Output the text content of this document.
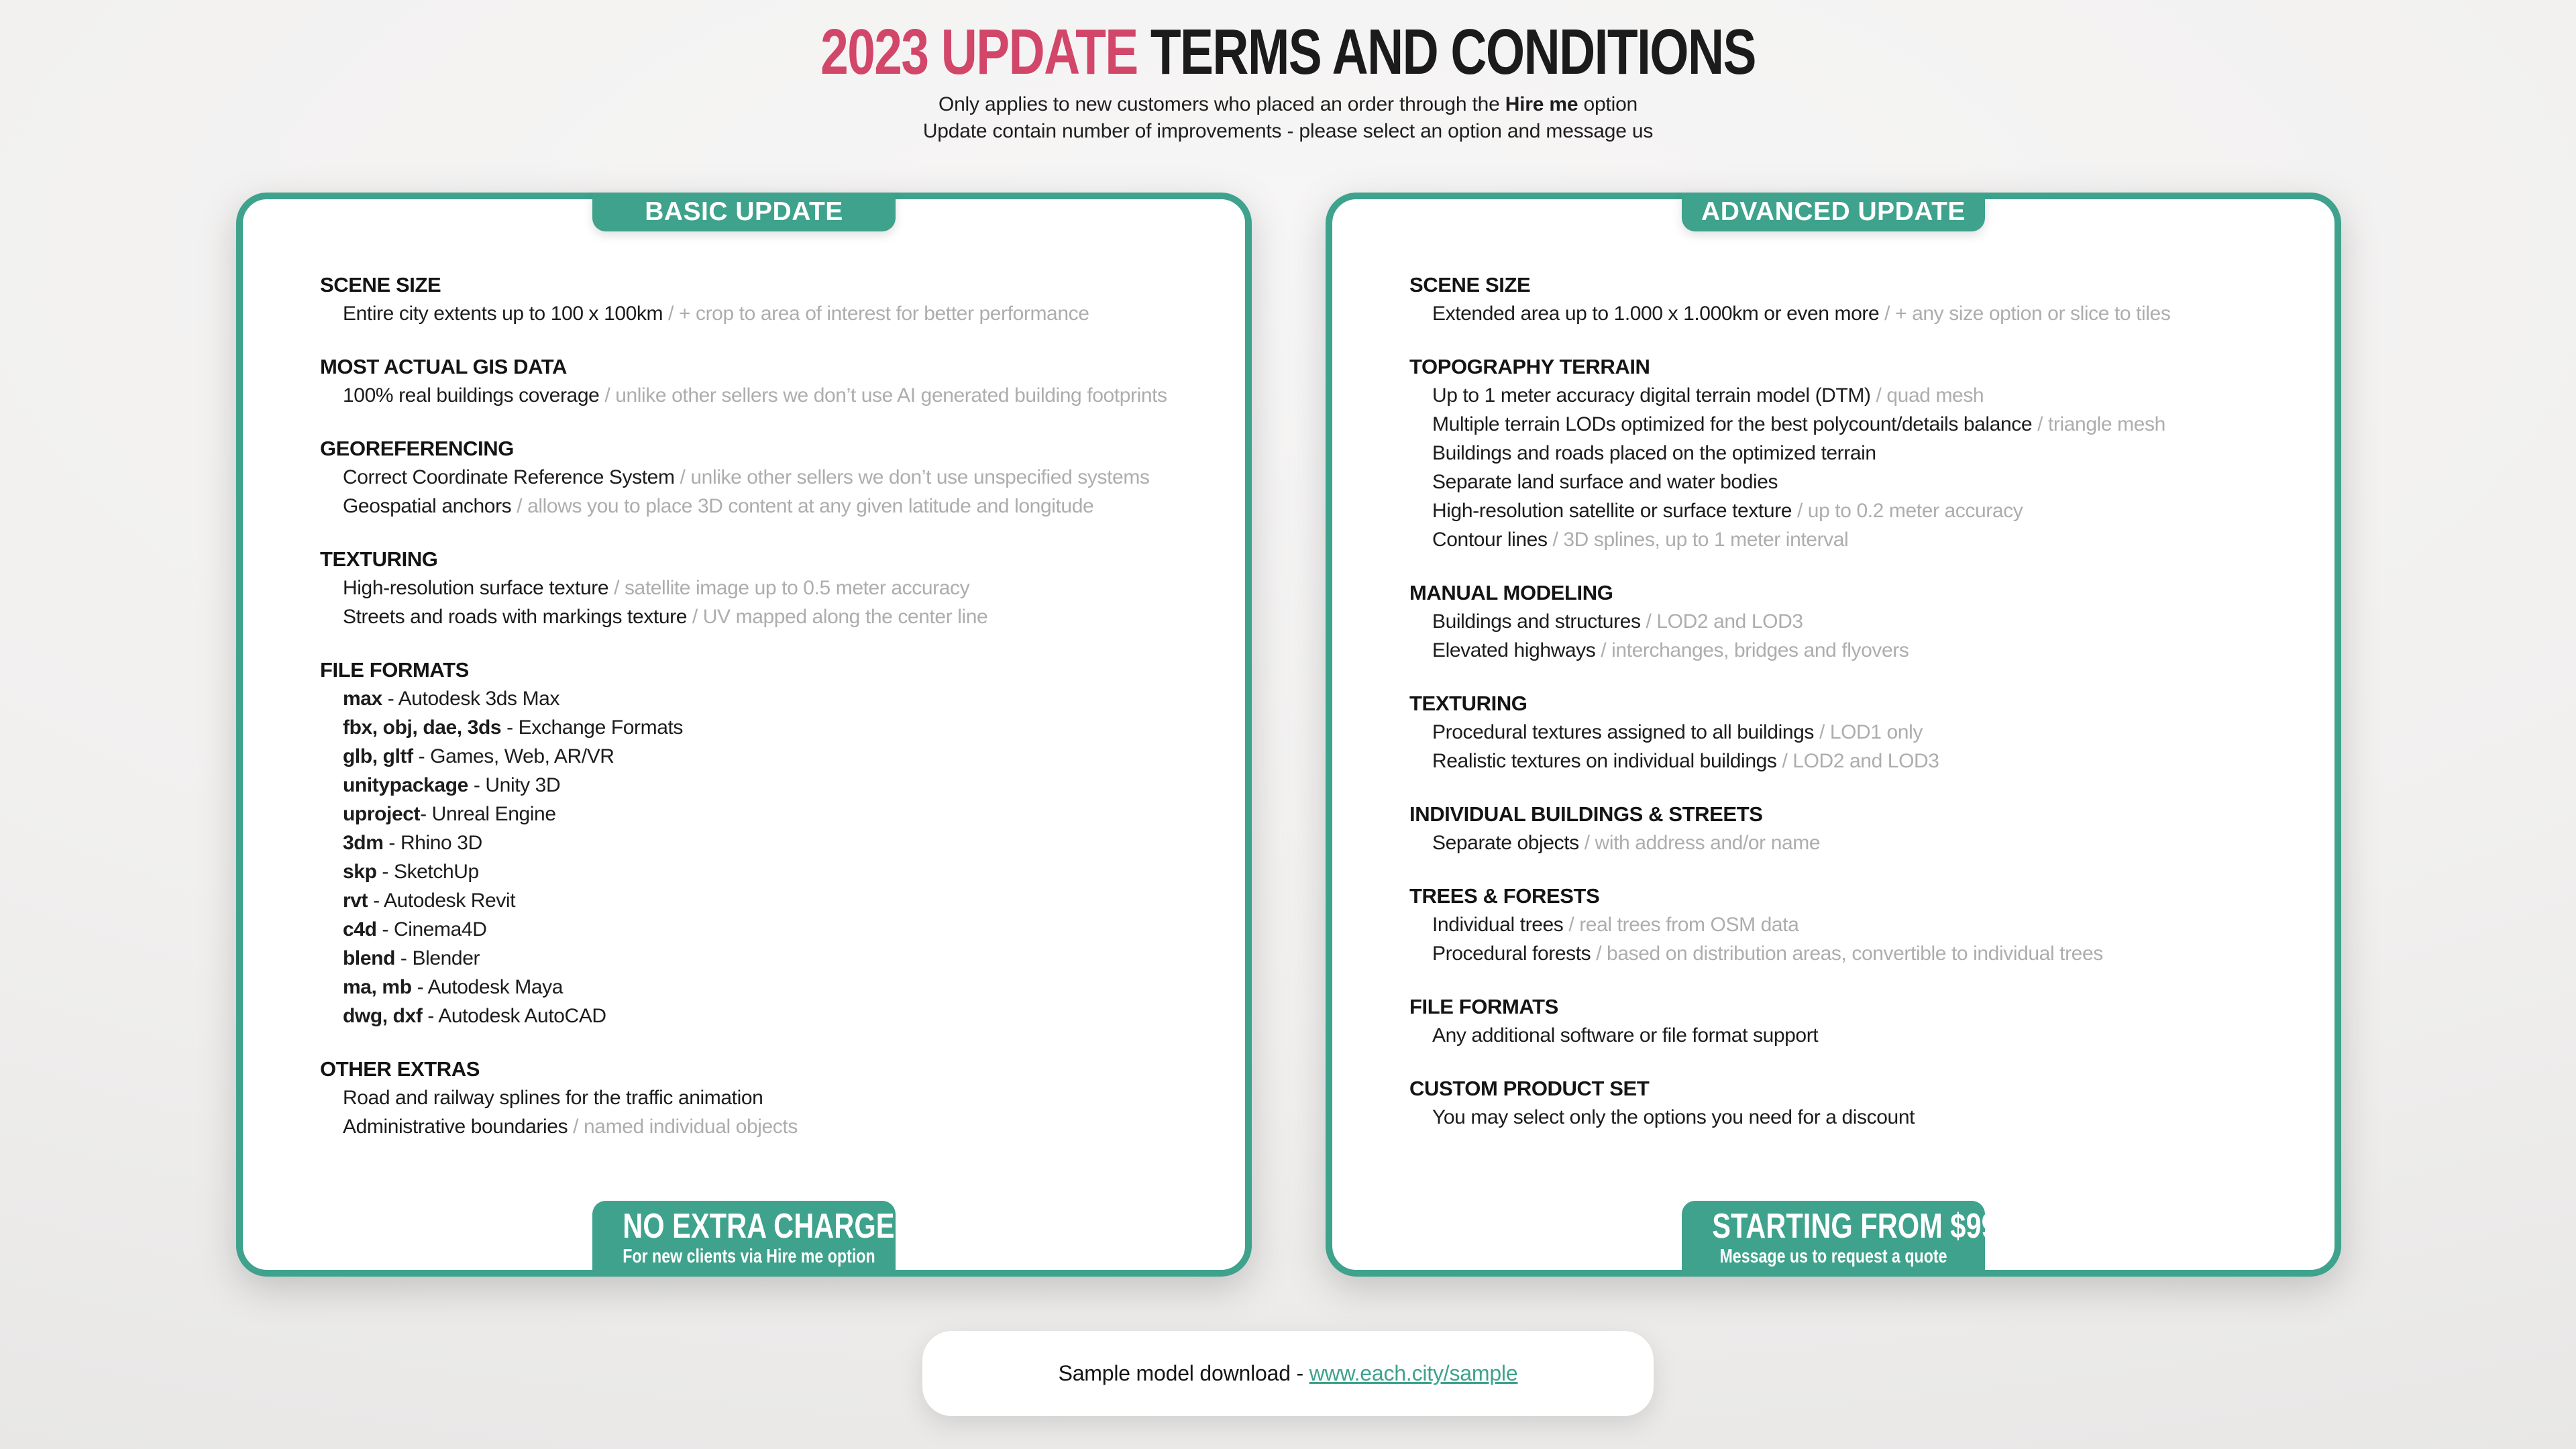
2023 UPDATE TERMS AND CONDITIONS

Only applies to new customers who placed an order through the Hire me option

Update contain number of improvements - please select an option and message us

BASIC UPDATE
SCENE SIZE
Entire city extents up to 100 x 100km / + crop to area of interest for better performance
MOST ACTUAL GIS DATA
100% real buildings coverage / unlike other sellers we don’t use AI generated building footprints
GEOREFERENCING
Correct Coordinate Reference System / unlike other sellers we don’t use unspecified systems
Geospatial anchors / allows you to place 3D content at any given latitude and longitude
TEXTURING
High-resolution surface texture / satellite image up to 0.5 meter accuracy
Streets and roads with markings texture / UV mapped along the center line
FILE FORMATS
max - Autodesk 3ds Max
fbx, obj, dae, 3ds - Exchange Formats
glb, gltf - Games, Web, AR/VR
unitypackage - Unity 3D
uproject- Unreal Engine
3dm - Rhino 3D
skp - SketchUp
rvt - Autodesk Revit
c4d - Cinema4D
blend - Blender
ma, mb - Autodesk Maya
dwg, dxf - Autodesk AutoCAD
OTHER EXTRAS
Road and railway splines for the traffic animation
Administrative boundaries / named individual objects
NO EXTRA CHARGE
For new clients via Hire me option
ADVANCED UPDATE
SCENE SIZE
Extended area up to 1.000 x 1.000km or even more / + any size option or slice to tiles
TOPOGRAPHY TERRAIN
Up to 1 meter accuracy digital terrain model (DTM) / quad mesh
Multiple terrain LODs optimized for the best polycount/details balance / triangle mesh
Buildings and roads placed on the optimized terrain
Separate land surface and water bodies
High-resolution satellite or surface texture / up to 0.2 meter accuracy
Contour lines / 3D splines, up to 1 meter interval
MANUAL MODELING
Buildings and structures / LOD2 and LOD3
Elevated highways / interchanges, bridges and flyovers
TEXTURING
Procedural textures assigned to all buildings / LOD1 only
Realistic textures on individual buildings / LOD2 and LOD3
INDIVIDUAL BUILDINGS & STREETS
Separate objects / with address and/or name
TREES & FORESTS
Individual trees / real trees from OSM data
Procedural forests / based on distribution areas, convertible to individual trees
FILE FORMATS
Any additional software or file format support
CUSTOM PRODUCT SET
You may select only the options you need for a discount
STARTING FROM $99
Message us to request a quote
Sample model download - www.each.city/sample
